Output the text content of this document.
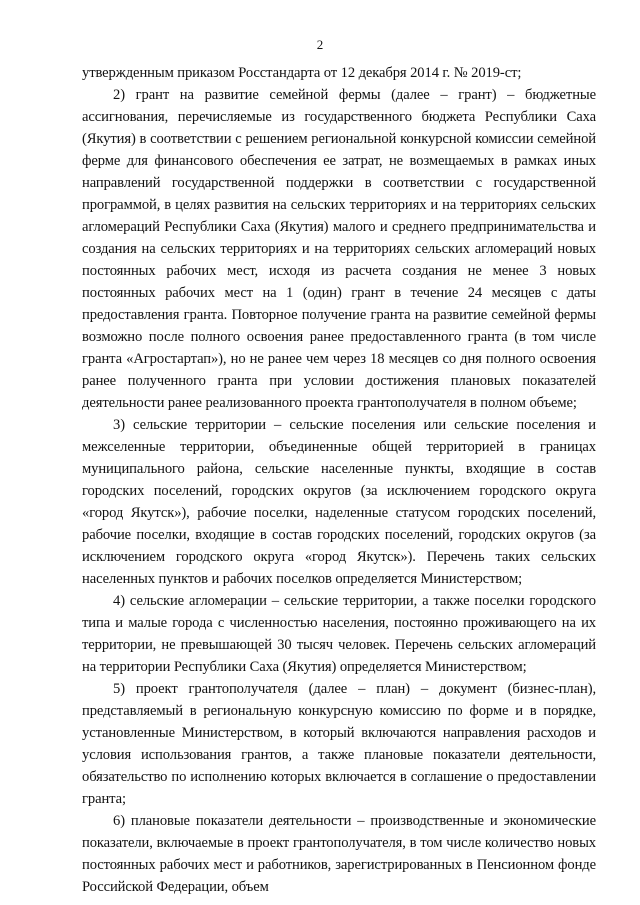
2

утвержденным приказом Росстандарта от 12 декабря 2014 г. № 2019-ст;

2) грант на развитие семейной фермы (далее – грант) – бюджетные ассигнования, перечисляемые из государственного бюджета Республики Саха (Якутия) в соответствии с решением региональной конкурсной комиссии семейной ферме для финансового обеспечения ее затрат, не возмещаемых в рамках иных направлений государственной поддержки в соответствии с государственной программой, в целях развития на сельских территориях и на территориях сельских агломераций Республики Саха (Якутия) малого и среднего предпринимательства и создания на сельских территориях и на территориях сельских агломераций новых постоянных рабочих мест, исходя из расчета создания не менее 3 новых постоянных рабочих мест на 1 (один) грант в течение 24 месяцев с даты предоставления гранта. Повторное получение гранта на развитие семейной фермы возможно после полного освоения ранее предоставленного гранта (в том числе гранта «Агростартап»), но не ранее чем через 18 месяцев со дня полного освоения ранее полученного гранта при условии достижения плановых показателей деятельности ранее реализованного проекта грантополучателя в полном объеме;

3) сельские территории – сельские поселения или сельские поселения и межселенные территории, объединенные общей территорией в границах муниципального района, сельские населенные пункты, входящие в состав городских поселений, городских округов (за исключением городского округа «город Якутск»), рабочие поселки, наделенные статусом городских поселений, рабочие поселки, входящие в состав городских поселений, городских округов (за исключением городского округа «город Якутск»). Перечень таких сельских населенных пунктов и рабочих поселков определяется Министерством;

4) сельские агломерации – сельские территории, а также поселки городского типа и малые города с численностью населения, постоянно проживающего на их территории, не превышающей 30 тысяч человек. Перечень сельских агломераций на территории Республики Саха (Якутия) определяется Министерством;

5) проект грантополучателя (далее – план) – документ (бизнес-план), представляемый в региональную конкурсную комиссию по форме и в порядке, установленные Министерством, в который включаются направления расходов и условия использования грантов, а также плановые показатели деятельности, обязательство по исполнению которых включается в соглашение о предоставлении гранта;

6) плановые показатели деятельности – производственные и экономические показатели, включаемые в проект грантополучателя, в том числе количество новых постоянных рабочих мест и работников, зарегистрированных в Пенсионном фонде Российской Федерации, объем
